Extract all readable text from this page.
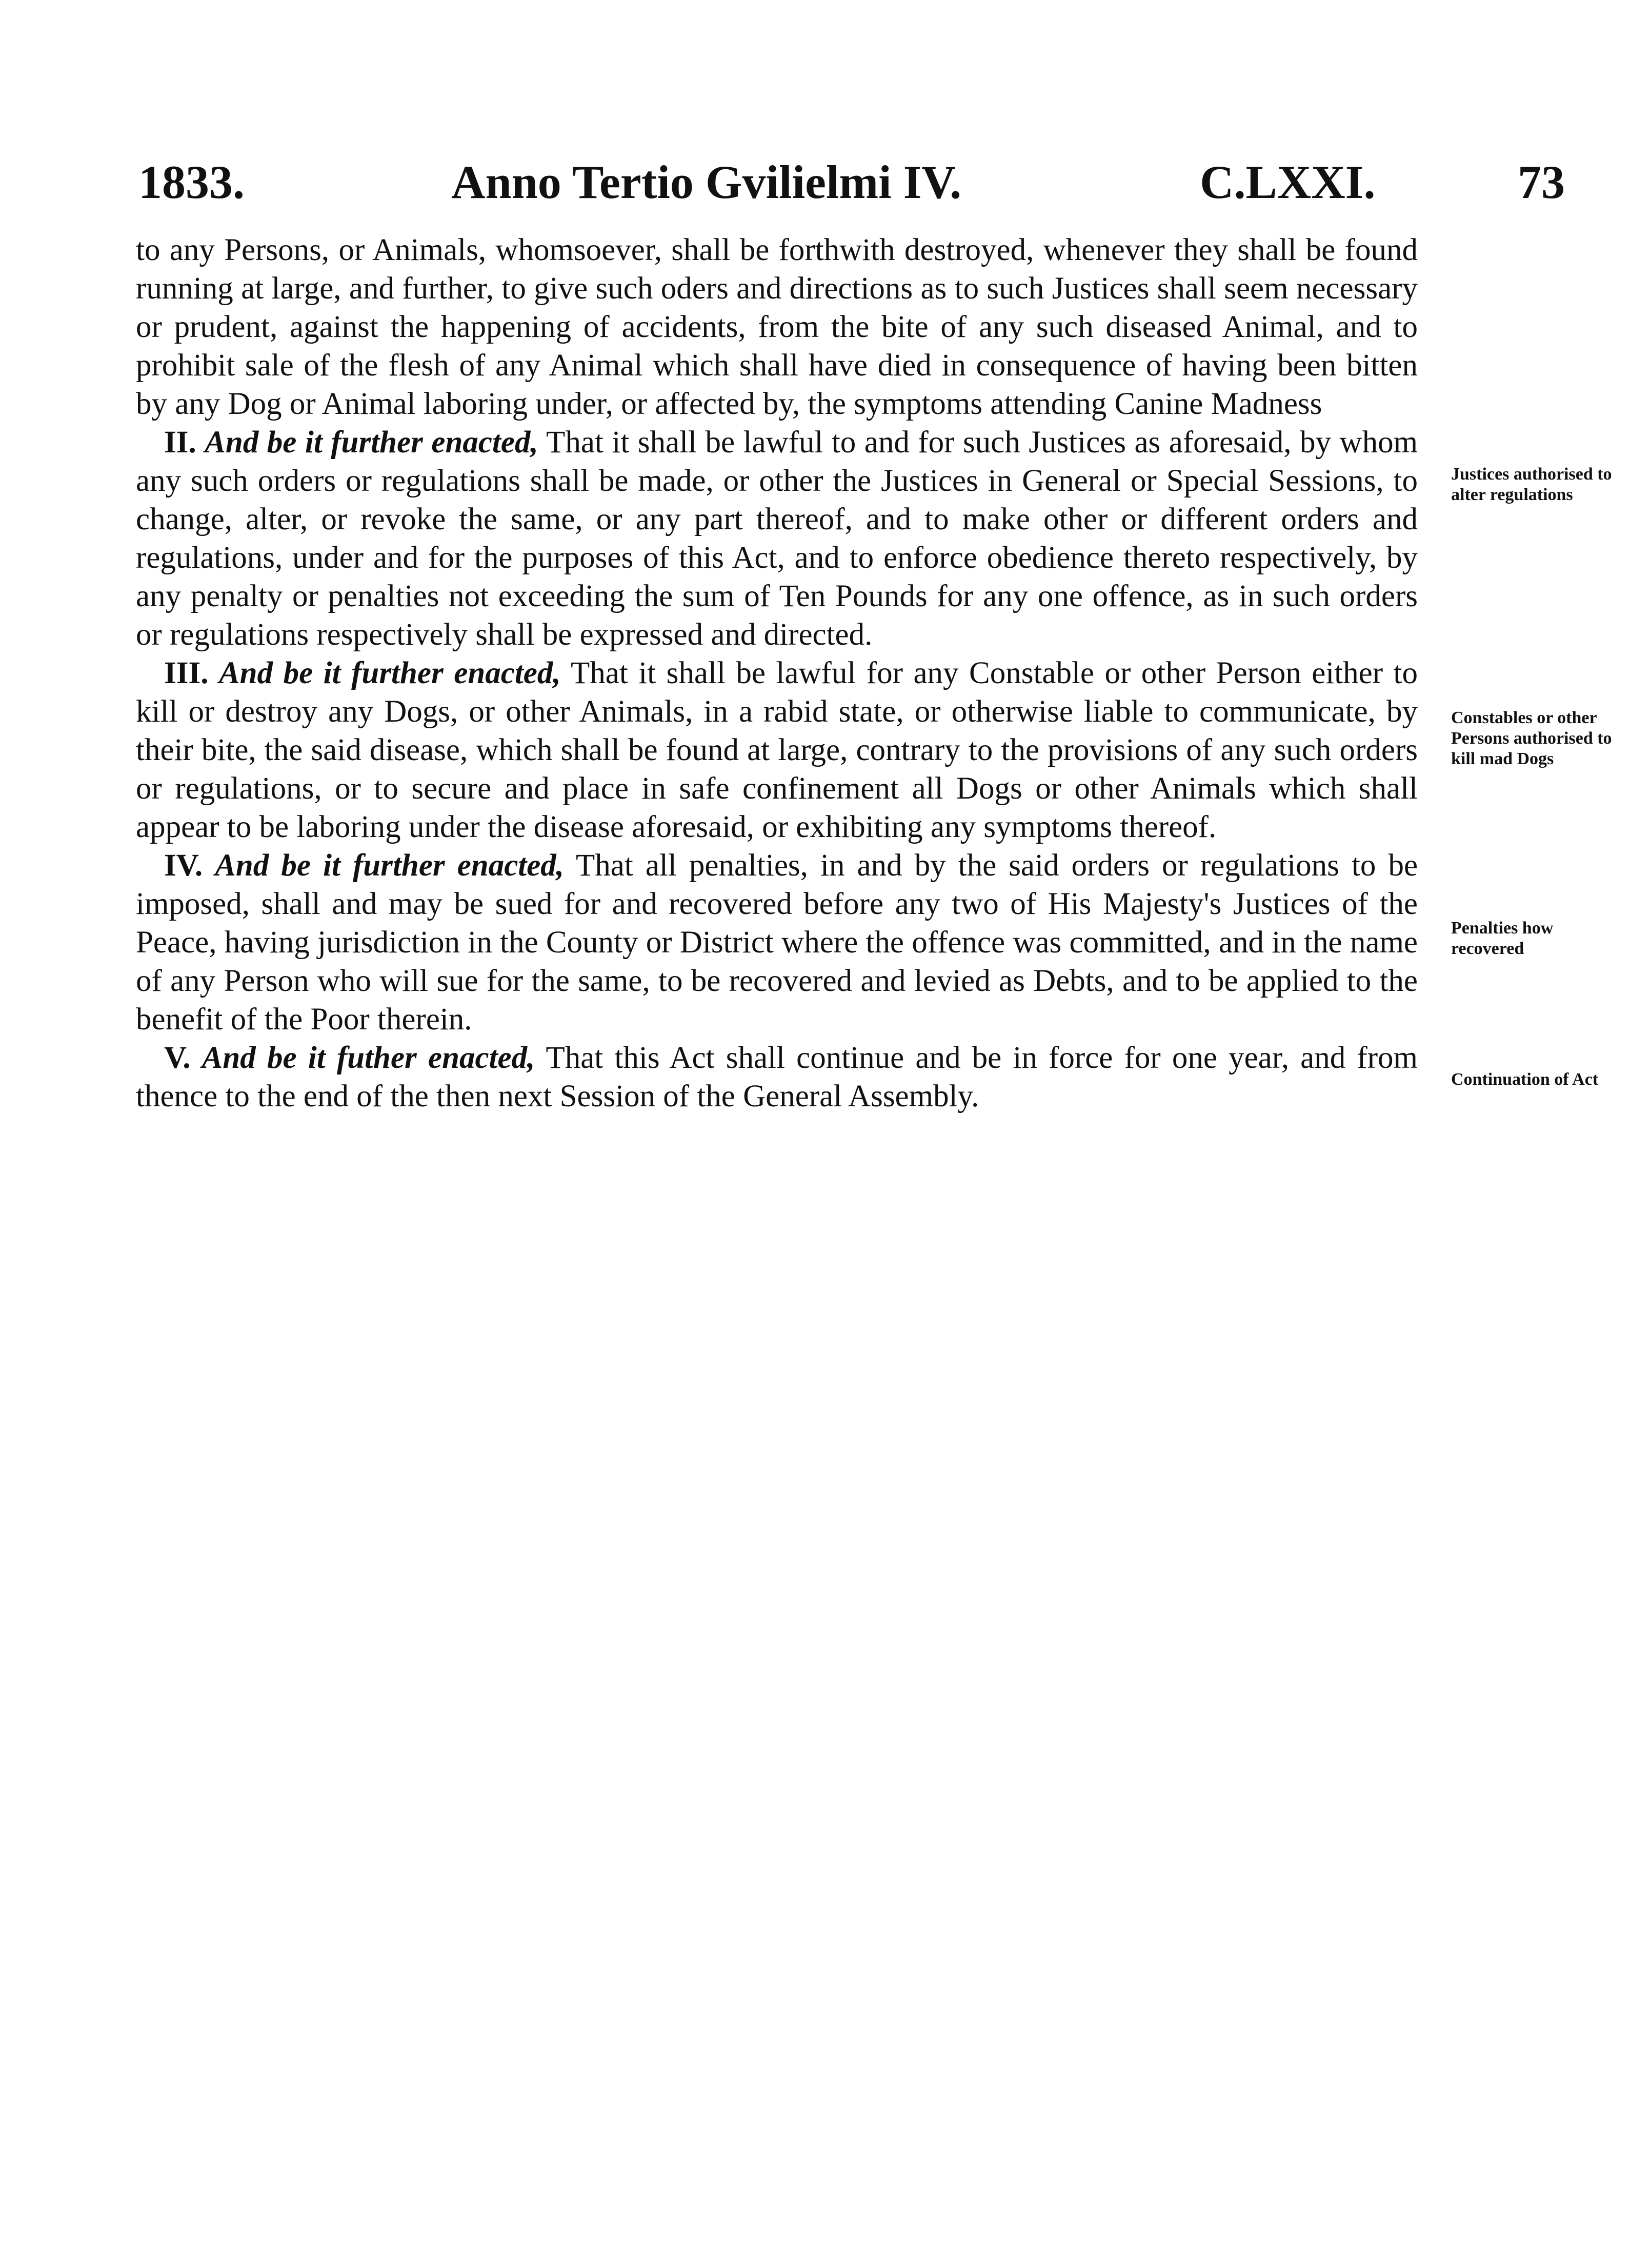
1833.	Anno Tertio Gvilielmi IV.	C.LXXI.	73

to any Persons, or Animals, whomsoever, shall be forthwith destroyed, whenever they shall be found running at large, and further, to give such oders and directions as to such Justices shall seem necessary or prudent, against the happening of accidents, from the bite of any such diseased Animal, and to prohibit sale of the flesh of any Animal which shall have died in consequence of having been bitten by any Dog or Animal laboring under, or affected by, the symptoms attending Canine Madness

II. And be it further enacted, That it shall be lawful to and for such Justices as aforesaid, by whom any such orders or regulations shall be made, or other the Justices in General or Special Sessions, to change, alter, or revoke the same, or any part thereof, and to make other or different orders and regulations, under and for the purposes of this Act, and to enforce obedience thereto respectively, by any penalty or penalties not exceeding the sum of Ten Pounds for any one offence, as in such orders or regulations respectively shall be expressed and directed.

III. And be it further enacted, That it shall be lawful for any Constable or other Person either to kill or destroy any Dogs, or other Animals, in a rabid state, or otherwise liable to communicate, by their bite, the said disease, which shall be found at large, contrary to the provisions of any such orders or regulations, or to secure and place in safe confinement all Dogs or other Animals which shall appear to be laboring under the disease aforesaid, or exhibiting any symptoms thereof.

IV. And be it further enacted, That all penalties, in and by the said orders or regulations to be imposed, shall and may be sued for and recovered before any two of His Majesty's Justices of the Peace, having jurisdiction in the County or District where the offence was committed, and in the name of any Person who will sue for the same, to be recovered and levied as Debts, and to be applied to the benefit of the Poor therein.

V. And be it futher enacted, That this Act shall continue and be in force for one year, and from thence to the end of the then next Session of the General Assembly.

Justices authorised to alter regulations
Constables or other Persons authorised to kill mad Dogs
Penalties how recovered
Continuation of Act
